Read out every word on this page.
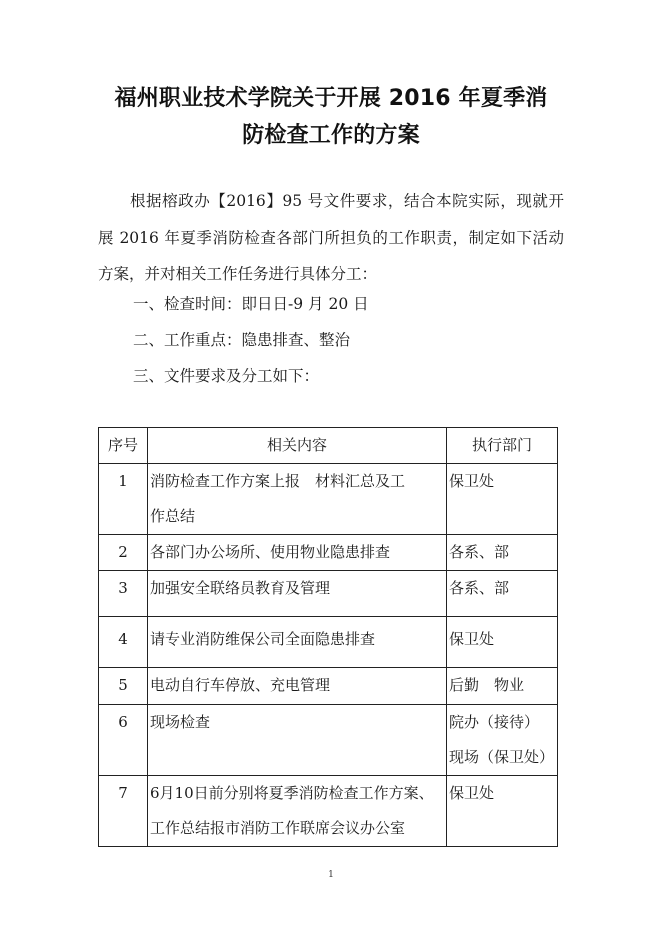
福州职业技术学院关于开展 2016 年夏季消
防检查工作的方案
根据榕政办【2016】95 号文件要求，结合本院实际，现就开展 2016 年夏季消防检查各部门所担负的工作职责，制定如下活动方案，并对相关工作任务进行具体分工：
一、检查时间：即日日-9 月 20 日
二、工作重点：隐患排查、整治
三、文件要求及分工如下：
序号	相关内容	执行部门
1	消防检查工作方案上报　材料汇总及工
作总结	保卫处

2	各部门办公场所、使用物业隐患排查	各系、部

3	加强安全联络员教育及管理	各系、部

4	请专业消防维保公司全面隐患排查	保卫处

5	电动自行车停放、充电管理	后勤　物业

6	现场检查	院办（接待）
现场（保卫处）

7	6月10日前分别将夏季消防检查工作方案、
工作总结报市消防工作联席会议办公室	保卫处
1
